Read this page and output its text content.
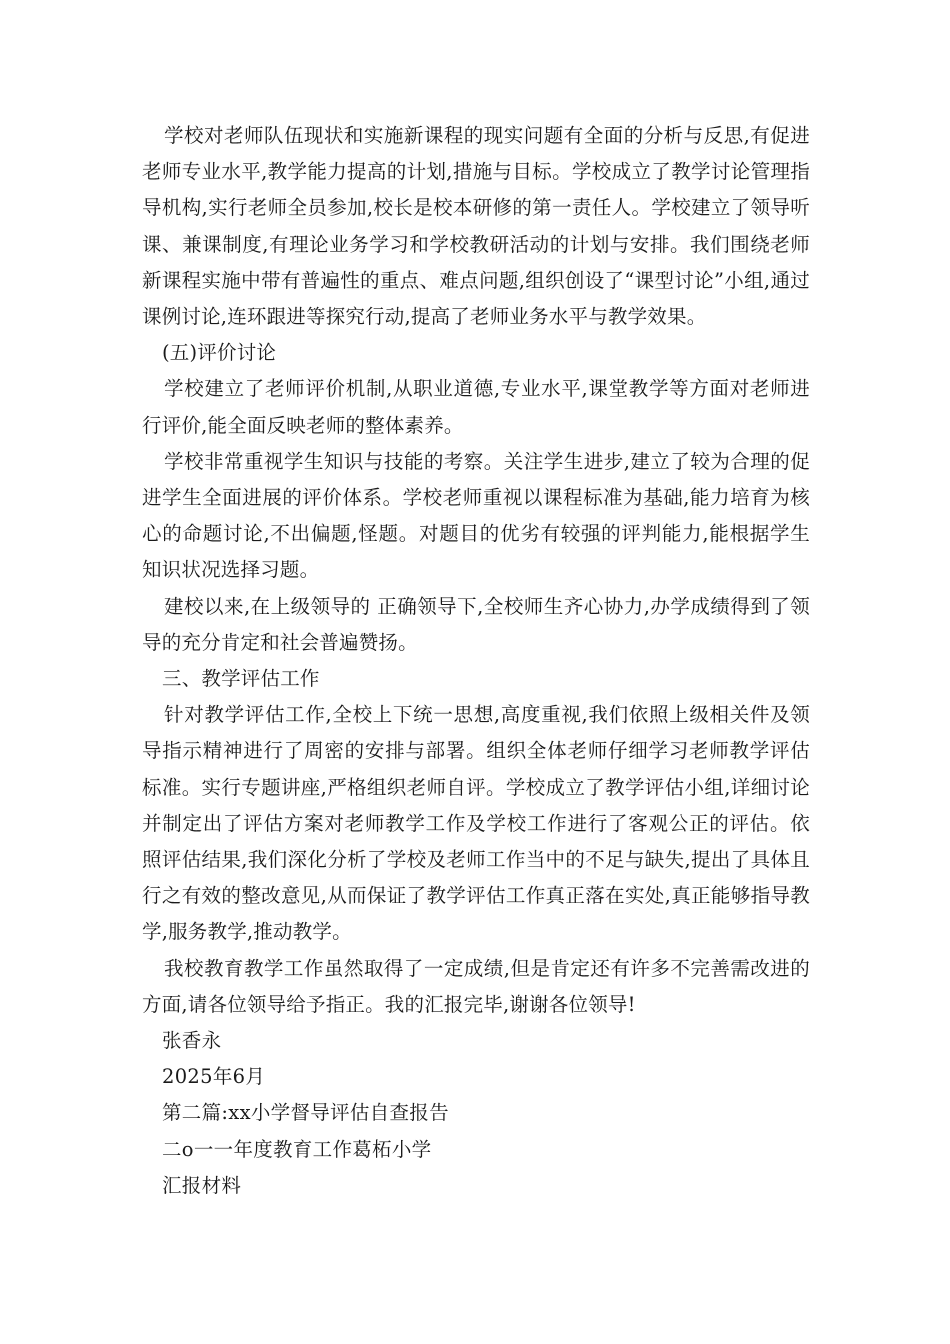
学校对老师队伍现状和实施新课程的现实问题有全面的分析与反思,有促进老师专业水平,教学能力提高的计划,措施与目标。学校成立了教学讨论管理指导机构,实行老师全员参加,校长是校本研修的第一责任人。学校建立了领导听课、兼课制度,有理论业务学习和学校教研活动的计划与安排。我们围绕老师新课程实施中带有普遍性的重点、难点问题,组织创设了“课型讨论”小组,通过课例讨论,连环跟进等探究行动,提高了老师业务水平与教学效果。

(五)评价讨论

学校建立了老师评价机制,从职业道德,专业水平,课堂教学等方面对老师进行评价,能全面反映老师的整体素养。

学校非常重视学生知识与技能的考察。关注学生进步,建立了较为合理的促进学生全面进展的评价体系。学校老师重视以课程标准为基础,能力培育为核心的命题讨论,不出偏题,怪题。对题目的优劣有较强的评判能力,能根据学生知识状况选择习题。

建校以来,在上级领导的 正确领导下,全校师生齐心协力,办学成绩得到了领导的充分肯定和社会普遍赞扬。

三、教学评估工作

针对教学评估工作,全校上下统一思想,高度重视,我们依照上级相关件及领导指示精神进行了周密的安排与部署。组织全体老师仔细学习老师教学评估标准。实行专题讲座,严格组织老师自评。学校成立了教学评估小组,详细讨论并制定出了评估方案对老师教学工作及学校工作进行了客观公正的评估。依照评估结果,我们深化分析了学校及老师工作当中的不足与缺失,提出了具体且行之有效的整改意见,从而保证了教学评估工作真正落在实处,真正能够指导教学,服务教学,推动教学。

我校教育教学工作虽然取得了一定成绩,但是肯定还有许多不完善需改进的方面,请各位领导给予指正。我的汇报完毕,谢谢各位领导!

张香永

2025年6月

第二篇:xx小学督导评估自查报告

二o一一年度教育工作葛柘小学

汇报材料
